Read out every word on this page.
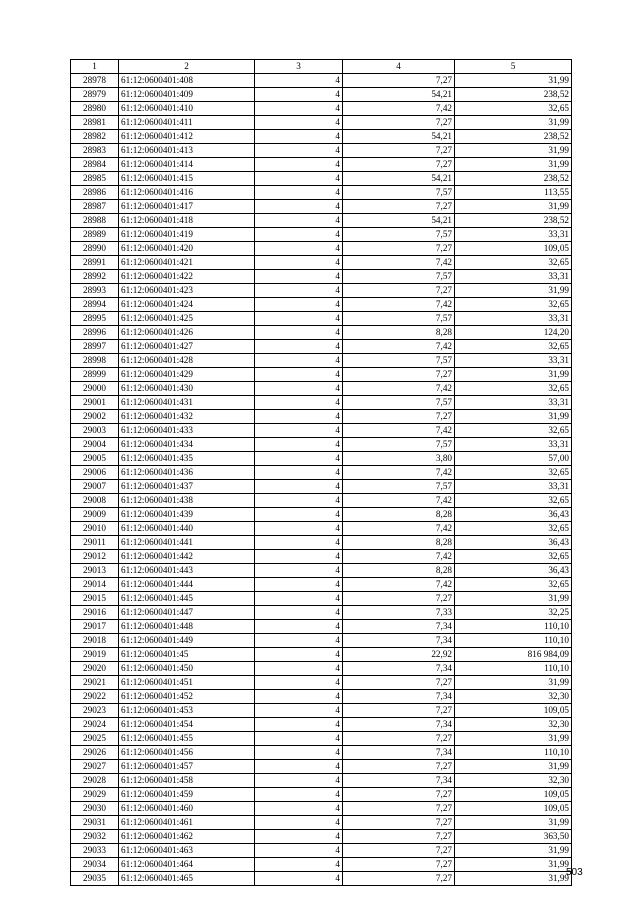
1	2	3	4	5
28978	61:12:0600401:408	4	7,27	31,99
28979	61:12:0600401:409	4	54,21	238,52
28980	61:12:0600401:410	4	7,42	32,65
28981	61:12:0600401:411	4	7,27	31,99
28982	61:12:0600401:412	4	54,21	238,52
28983	61:12:0600401:413	4	7,27	31,99
28984	61:12:0600401:414	4	7,27	31,99
28985	61:12:0600401:415	4	54,21	238,52
28986	61:12:0600401:416	4	7,57	113,55
28987	61:12:0600401:417	4	7,27	31,99
28988	61:12:0600401:418	4	54,21	238,52
28989	61:12:0600401:419	4	7,57	33,31
28990	61:12:0600401:420	4	7,27	109,05
28991	61:12:0600401:421	4	7,42	32,65
28992	61:12:0600401:422	4	7,57	33,31
28993	61:12:0600401:423	4	7,27	31,99
28994	61:12:0600401:424	4	7,42	32,65
28995	61:12:0600401:425	4	7,57	33,31
28996	61:12:0600401:426	4	8,28	124,20
28997	61:12:0600401:427	4	7,42	32,65
28998	61:12:0600401:428	4	7,57	33,31
28999	61:12:0600401:429	4	7,27	31,99
29000	61:12:0600401:430	4	7,42	32,65
29001	61:12:0600401:431	4	7,57	33,31
29002	61:12:0600401:432	4	7,27	31,99
29003	61:12:0600401:433	4	7,42	32,65
29004	61:12:0600401:434	4	7,57	33,31
29005	61:12:0600401:435	4	3,80	57,00
29006	61:12:0600401:436	4	7,42	32,65
29007	61:12:0600401:437	4	7,57	33,31
29008	61:12:0600401:438	4	7,42	32,65
29009	61:12:0600401:439	4	8,28	36,43
29010	61:12:0600401:440	4	7,42	32,65
29011	61:12:0600401:441	4	8,28	36,43
29012	61:12:0600401:442	4	7,42	32,65
29013	61:12:0600401:443	4	8,28	36,43
29014	61:12:0600401:444	4	7,42	32,65
29015	61:12:0600401:445	4	7,27	31,99
29016	61:12:0600401:447	4	7,33	32,25
29017	61:12:0600401:448	4	7,34	110,10
29018	61:12:0600401:449	4	7,34	110,10
29019	61:12:0600401:45	4	22,92	816 984,09
29020	61:12:0600401:450	4	7,34	110,10
29021	61:12:0600401:451	4	7,27	31,99
29022	61:12:0600401:452	4	7,34	32,30
29023	61:12:0600401:453	4	7,27	109,05
29024	61:12:0600401:454	4	7,34	32,30
29025	61:12:0600401:455	4	7,27	31,99
29026	61:12:0600401:456	4	7,34	110,10
29027	61:12:0600401:457	4	7,27	31,99
29028	61:12:0600401:458	4	7,34	32,30
29029	61:12:0600401:459	4	7,27	109,05
29030	61:12:0600401:460	4	7,27	109,05
29031	61:12:0600401:461	4	7,27	31,99
29032	61:12:0600401:462	4	7,27	363,50
29033	61:12:0600401:463	4	7,27	31,99
29034	61:12:0600401:464	4	7,27	31,99
29035	61:12:0600401:465	4	7,27	31,99
503
